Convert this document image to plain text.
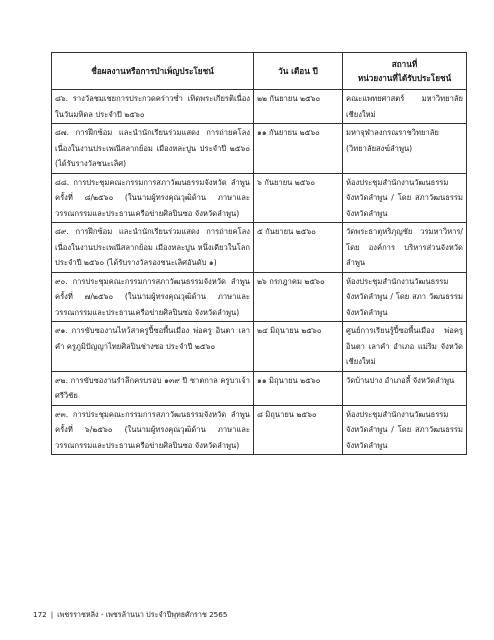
ชื่อผลงานหรือการบำเพ็ญประโยชน์	วัน เดือน ปี	สถานที่
หน่วยงานที่ได้รับประโยชน์

๘๖. รางวัลชมเชยการประกวดคร่าวซ่ำ เทิดพระเกียรติเนื่องในวันมหิดล ประจำปี ๒๕๖๐	๒๒ กันยายน ๒๕๖๐	คณะแพทยศาสตร์ มหาวิทยาลัยเชียงใหม่
๘๗. การฝึกซ้อม และนำนักเรียนร่วมแสดง การถ่ายคโลง เนื่องในงานประเพณีสลากย้อม เมืองหละปูน ประจำปี ๒๕๖๐ (ได้รับรางวัลชนะเลิศ)	๑๑ กันยายน ๒๕๖๐	มหาจุฬาลงกรณราชวิทยาลัย (วิทยาลัยสงฆ์ลำพูน)
๘๘. การประชุมคณะกรรมการสภาวัฒนธรรมจังหวัด ลำพูน ครั้งที่ ๘/๒๕๖๐ (ในนามผู้ทรงคุณวุฒิด้าน ภาษาและวรรณกรรมและประธานเครือข่ายศิลปินซอ จังหวัดลำพูน)	๖ กันยายน ๒๕๖๐	ห้องประชุมสำนักงานวัฒนธรรม จังหวัดลำพูน / โดย สภาวัฒนธรรมจังหวัดลำพูน
๘๙. การฝึกซ้อม และนำนักเรียนร่วมแสดง การถ่ายคโลง เนื่องในงานประเพณีสลากย้อม เมืองหละปูน หนึ่งเดียวในโลก ประจำปี ๒๕๖๐ (ได้รับรางวัลรองชนะเลิศอันดับ ๑)	๕ กันยายน ๒๕๖๐	วัดพระธาตุหริภุญชัย วรมหาวิหาร/ โดย องค์การ บริหารส่วนจังหวัดลำพูน
๙๐. การประชุมคณะกรรมการสภาวัฒนธรรมจังหวัด ลำพูน ครั้งที่ ๗/๒๕๖๐ (ในนามผู้ทรงคุณวุฒิด้าน ภาษาและวรรณกรรมและประธานเครือข่ายศิลปินซอ จังหวัดลำพูน)	๒๖ กรกฎาคม ๒๕๖๐	ห้องประชุมสำนักงานวัฒนธรรม จังหวัดลำพูน / โดย สภา วัฒนธรรมจังหวัดลำพูน
๙๑. การขับซองานไหว้สาครูปี้ซอพื้นเมือง พ่อครู อินตา เลาคำ ครูภูมิปัญญาไทยศิลปินช่างซอ ประจำปี ๒๕๖๐	๒๔ มิถุนายน ๒๕๖๐	ศูนย์การเรียนรู้ปี้ซอพื้นเมือง พ่อครูอินตา เลาคำ อำเภอ แม่ริม จังหวัดเชียงใหม่
๙๒. การขับซองานรำลึกครบรอบ ๑๓๙ ปี ชาตกาล ครูบาเจ้าศรีวิชัย	๑๑ มิถุนายน ๒๕๖๐	วัดบ้านปาง อำเภอลี้ จังหวัดลำพูน
๙๓. การประชุมคณะกรรมการสภาวัฒนธรรมจังหวัด ลำพูน ครั้งที่ ๖/๒๕๖๐ (ในนามผู้ทรงคุณวุฒิด้าน ภาษาและวรรณกรรมและประธานเครือข่ายศิลปินซอ จังหวัดลำพูน)	๘ มิถุนายน ๒๕๖๐	ห้องประชุมสำนักงานวัฒนธรรม จังหวัดลำพูน / โดย สภาวัฒนธรรมจังหวัดลำพูน
172 | เพชรราชหลิ่ง - เพชรล้านนา ประจำปีพุทธศักราช 2565
